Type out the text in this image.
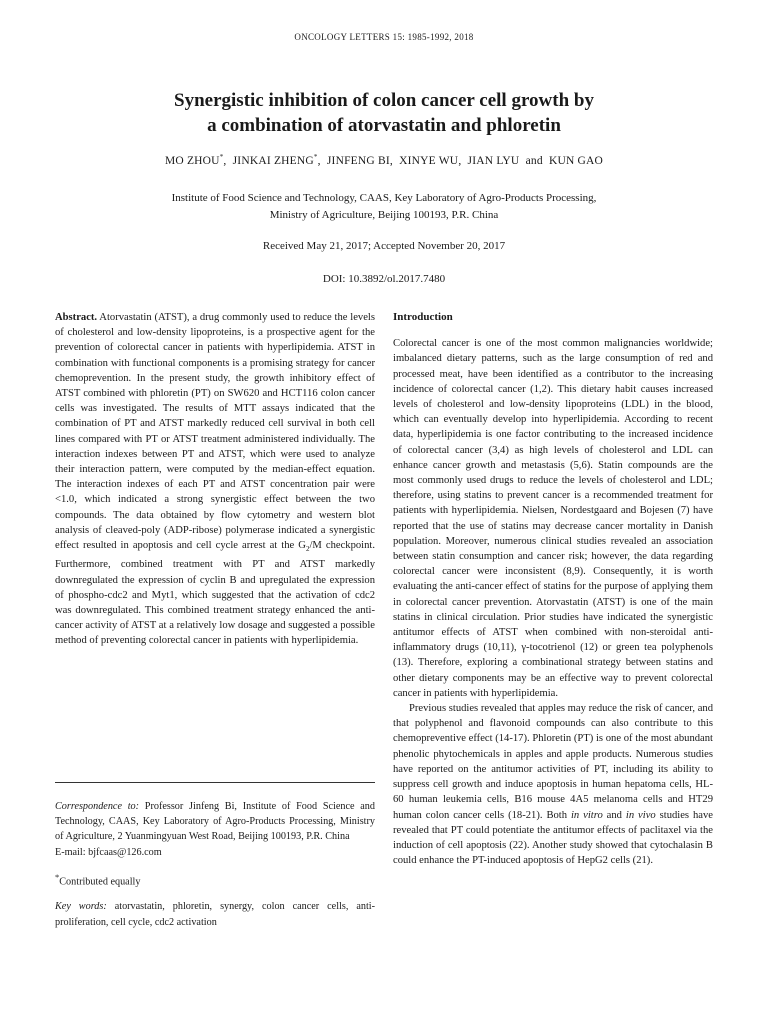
ONCOLOGY LETTERS 15: 1985-1992, 2018
Synergistic inhibition of colon cancer cell growth by
a combination of atorvastatin and phloretin
MO ZHOU*,  JINKAI ZHENG*,  JINFENG BI,  XINYE WU,  JIAN LYU and KUN GAO
Institute of Food Science and Technology, CAAS, Key Laboratory of Agro-Products Processing,
Ministry of Agriculture, Beijing 100193, P.R. China
Received May 21, 2017; Accepted November 20, 2017
DOI: 10.3892/ol.2017.7480

Abstract. Atorvastatin (ATST), a drug commonly used to reduce the levels of cholesterol and low-density lipoproteins, is a prospective agent for the prevention of colorectal cancer in patients with hyperlipidemia. ATST in combination with functional components is a promising strategy for cancer chemoprevention. In the present study, the growth inhibitory effect of ATST combined with phloretin (PT) on SW620 and HCT116 colon cancer cells was investigated. The results of MTT assays indicated that the combination of PT and ATST markedly reduced cell survival in both cell lines compared with PT or ATST treatment administered individually. The interaction indexes between PT and ATST, which were used to analyze their interaction pattern, were computed by the median-effect equation. The interaction indexes of each PT and ATST concentration pair were <1.0, which indicated a strong synergistic effect between the two compounds. The data obtained by flow cytometry and western blot analysis of cleaved-poly (ADP-ribose) polymerase indicated a synergistic effect resulted in apoptosis and cell cycle arrest at the $G_2/M$ checkpoint. Furthermore, combined treatment with PT and ATST markedly downregulated the expression of cyclin B and upregulated the expression of phospho-cdc2 and Myt1, which suggested that the activation of cdc2 was downregulated. This combined treatment strategy enhanced the anti-cancer activity of ATST at a relatively low dosage and suggested a possible method of preventing colorectal cancer in patients with hyperlipidemia.

Correspondence to: Professor Jinfeng Bi, Institute of Food Science and Technology, CAAS, Key Laboratory of Agro-Products Processing, Ministry of Agriculture, 2 Yuanmingyuan West Road, Beijing 100193, P.R. China

E-mail: bjfcaas@126.com

*Contributed equally

Key words: atorvastatin, phloretin, synergy, colon cancer cells, anti-proliferation, cell cycle, cdc2 activation

Introduction

Colorectal cancer is one of the most common malignancies worldwide; imbalanced dietary patterns, such as the large consumption of red and processed meat, have been identified as a contributor to the increasing incidence of colorectal cancer (1,2). This dietary habit causes increased levels of cholesterol and low-density lipoproteins (LDL) in the blood, which can eventually develop into hyperlipidemia. According to recent data, hyperlipidemia is one factor contributing to the increased incidence of colorectal cancer (3,4) as high levels of cholesterol and LDL can enhance cancer growth and metastasis (5,6). Statin compounds are the most commonly used drugs to reduce the levels of cholesterol and LDL; therefore, using statins to prevent cancer is a recommended treatment for patients with hyperlipidemia. Nielsen, Nordestgaard and Bojesen (7) have reported that the use of statins may decrease cancer mortality in Danish population. Moreover, numerous clinical studies revealed an association between statin consumption and cancer risk; however, the data regarding colorectal cancer were inconsistent (8,9). Consequently, it is worth evaluating the anti-cancer effect of statins for the purpose of applying them in colorectal cancer prevention. Atorvastatin (ATST) is one of the main statins in clinical circulation. Prior studies have indicated the synergistic antitumor effects of ATST when combined with non-steroidal anti-inflammatory drugs (10,11), γ-tocotrienol (12) or green tea polyphenols (13). Therefore, exploring a combinational strategy between statins and other dietary components may be an effective way to prevent colorectal cancer in patients with hyperlipidemia.

Previous studies revealed that apples may reduce the risk of cancer, and that polyphenol and flavonoid compounds can also contribute to this chemopreventive effect (14-17). Phloretin (PT) is one of the most abundant phenolic phytochemicals in apples and apple products. Numerous studies have reported on the antitumor activities of PT, including its ability to suppress cell growth and induce apoptosis in human hepatoma cells, HL-60 human leukemia cells, B16 mouse 4A5 melanoma cells and HT29 human colon cancer cells (18-21). Both in vitro and in vivo studies have revealed that PT could potentiate the antitumor effects of paclitaxel via the induction of cell apoptosis (22). Another study showed that cytochalasin B could enhance the PT-induced apoptosis of HepG2 cells (21).
